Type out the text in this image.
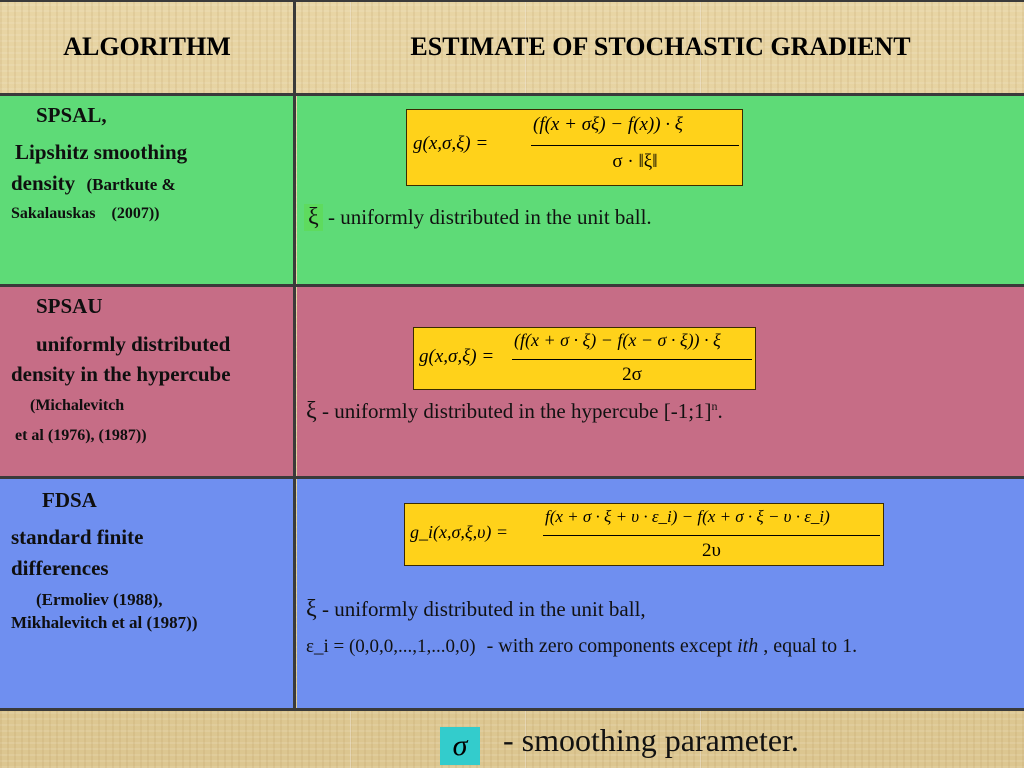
ALGORITHM	ESTIMATE OF STOCHASTIC GRADIENT
SPSAL,
Lipshitz smoothing
density (Bartkute &
Sakalauskas    (2007))
g(x,σ,ξ) =
(f(x + σξ) − f(x)) · ξ
σ · ‖ξ‖
ξ - uniformly distributed in the unit ball.
SPSAU
uniformly distributed
density in the hypercube
(Michalevitch
et al (1976), (1987))
g(x,σ,ξ) =
(f(x + σ · ξ) − f(x − σ · ξ)) · ξ
2σ
ξ - uniformly distributed in the hypercube [-1;1]$^n$.
FDSA
standard finite
differences
(Ermoliev (1988),
Mikhalevitch et al (1987))
g_i(x,σ,ξ,υ) =
f(x + σ · ξ + υ · ε_i) − f(x + σ · ξ − υ · ε_i)
2υ
ξ - uniformly distributed in the unit ball,
ε_i = (0,0,0,...,1,...0,0) - with zero components except ith , equal to 1.
σ	- smoothing parameter.
